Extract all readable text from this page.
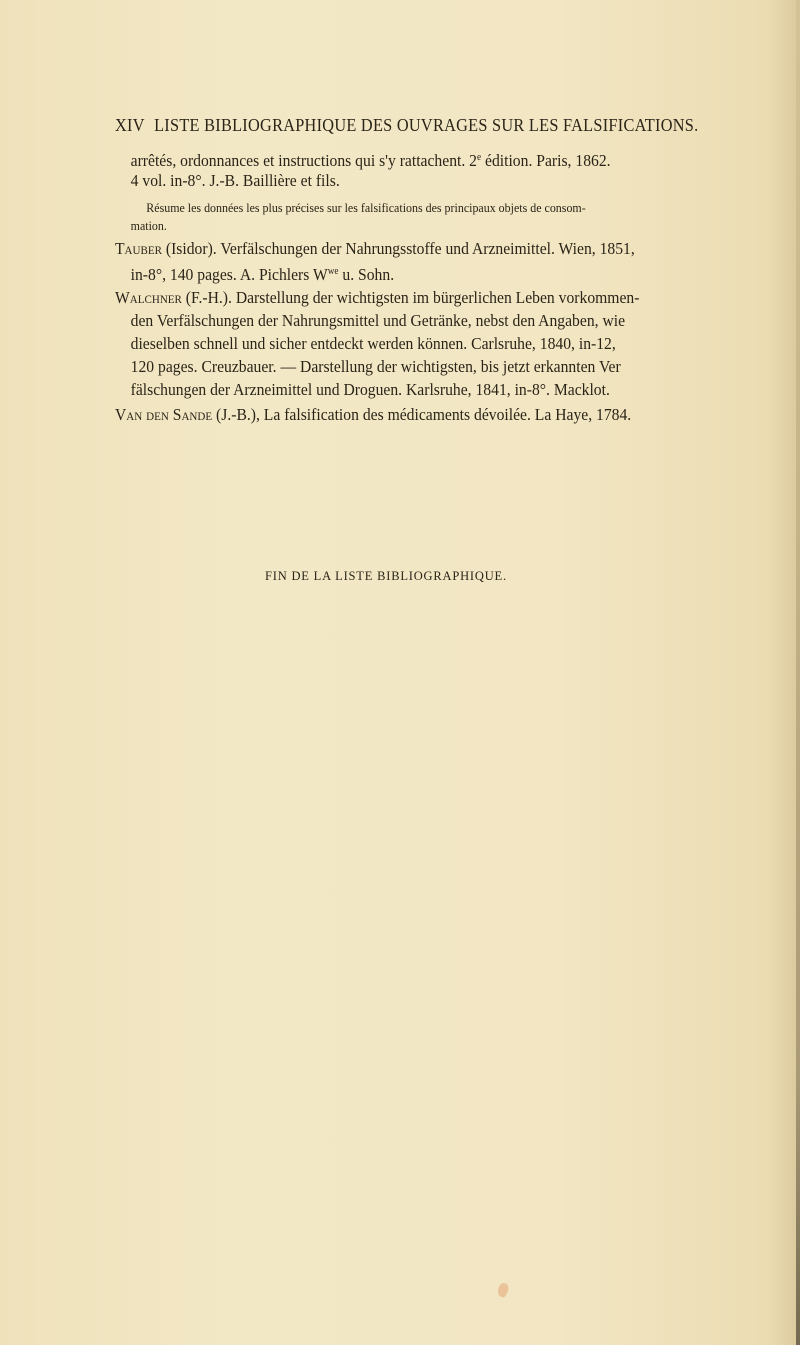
XIV LISTE BIBLIOGRAPHIQUE DES OUVRAGES SUR LES FALSIFICATIONS.
arrêtés, ordonnances et instructions qui s'y rattachent. 2e édition. Paris, 1862.
4 vol. in-8°. J.-B. Baillière et fils.
Résume les données les plus précises sur les falsifications des principaux objets de consom-
mation.
Tauber (Isidor). Verfälschungen der Nahrungsstoffe und Arzneimittel. Wien, 1851,
in-8°, 140 pages. A. Pichlers $W^{we}$ u. Sohn.
Walchner (F.-H.). Darstellung der wichtigsten im bürgerlichen Leben vorkommen-
den Verfälschungen der Nahrungsmittel und Getränke, nebst den Angaben, wie
dieselben schnell und sicher entdeckt werden können. Carlsruhe, 1840, in-12,
120 pages. Creuzbauer. — Darstellung der wichtigsten, bis jetzt erkannten Ver
fälschungen der Arzneimittel und Droguen. Karlsruhe, 1841, in-8°. Macklot.
Van den Sande (J.-B.), La falsification des médicaments dévoilée. La Haye, 1784.
FIN DE LA LISTE BIBLIOGRAPHIQUE.
